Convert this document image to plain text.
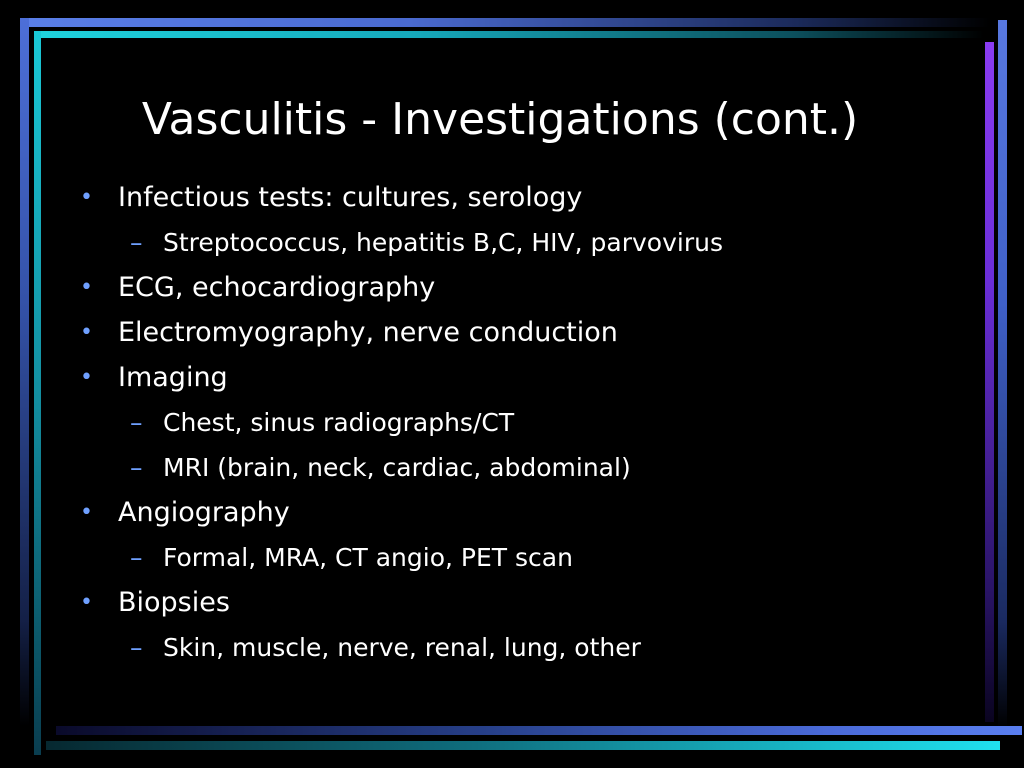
Vasculitis - Investigations (cont.)
• Infectious tests: cultures, serology
– Streptococcus, hepatitis B,C, HIV, parvovirus
• ECG, echocardiography
• Electromyography, nerve conduction
• Imaging
– Chest, sinus radiographs/CT
– MRI (brain, neck, cardiac, abdominal)
• Angiography
– Formal, MRA, CT angio, PET scan
• Biopsies
– Skin, muscle, nerve, renal, lung, other
